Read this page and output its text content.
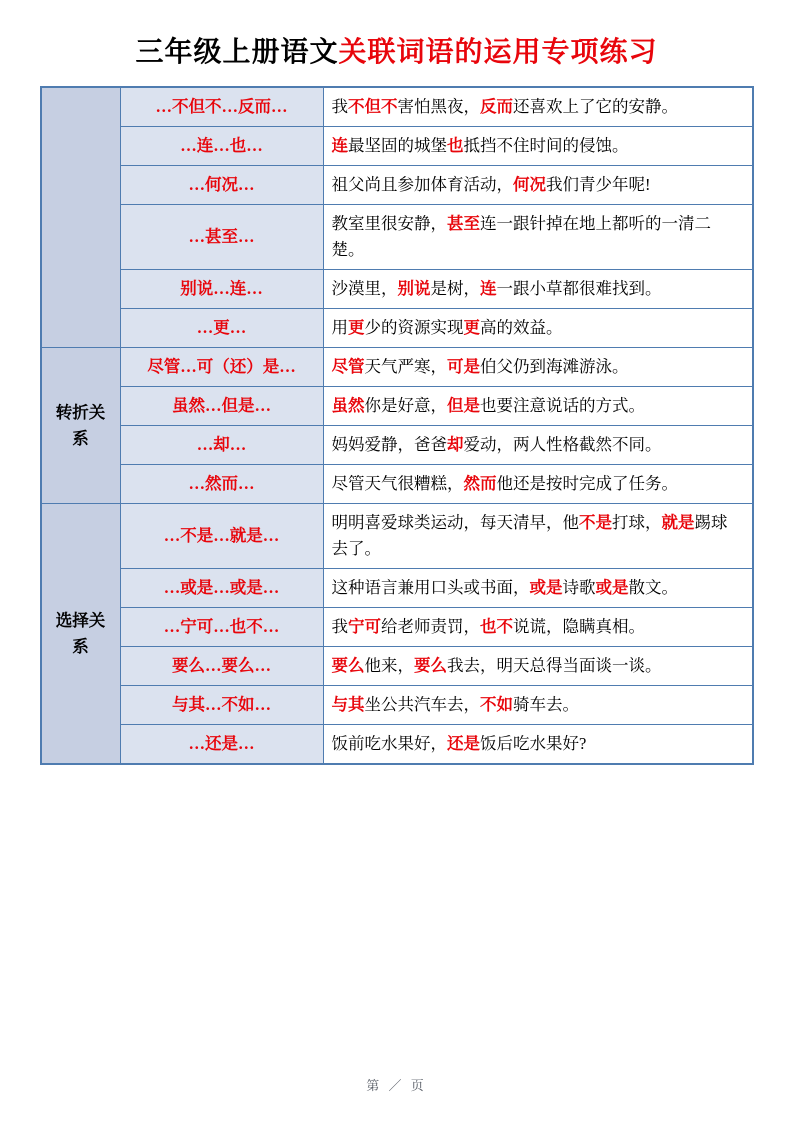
三年级上册语文关联词语的运用专项练习
	…不但不…反而…	我不但不害怕黑夜，反而还喜欢上了它的安静。
	…连…也…	连最坚固的城堡也抵挡不住时间的侵蚀。
	…何况…	祖父尚且参加体育活动，何况我们青少年呢!
	…甚至…	教室里很安静，甚至连一跟针掉在地上都听的一清二楚。
	别说…连…	沙漠里，别说是树，连一跟小草都很难找到。
	…更…	用更少的资源实现更高的效益。
转折关系	尽管…可（还）是…	尽管天气严寒，可是伯父仍到海滩游泳。
	虽然…但是…	虽然你是好意，但是也要注意说话的方式。
	…却…	妈妈爱静，爸爸却爱动，两人性格截然不同。
	…然而…	尽管天气很糟糕，然而他还是按时完成了任务。
选择关系	…不是…就是…	明明喜爱球类运动，每天清早，他不是打球，就是踢球去了。
	…或是…或是…	这种语言兼用口头或书面，或是诗歌或是散文。
	…宁可…也不…	我宁可给老师责罚，也不说谎，隐瞒真相。
	要么…要么…	要么他来，要么我去，明天总得当面谈一谈。
	与其…不如…	与其坐公共汽车去，不如骑车去。
	…还是…	饭前吃水果好，还是饭后吃水果好?
第 ／ 页
